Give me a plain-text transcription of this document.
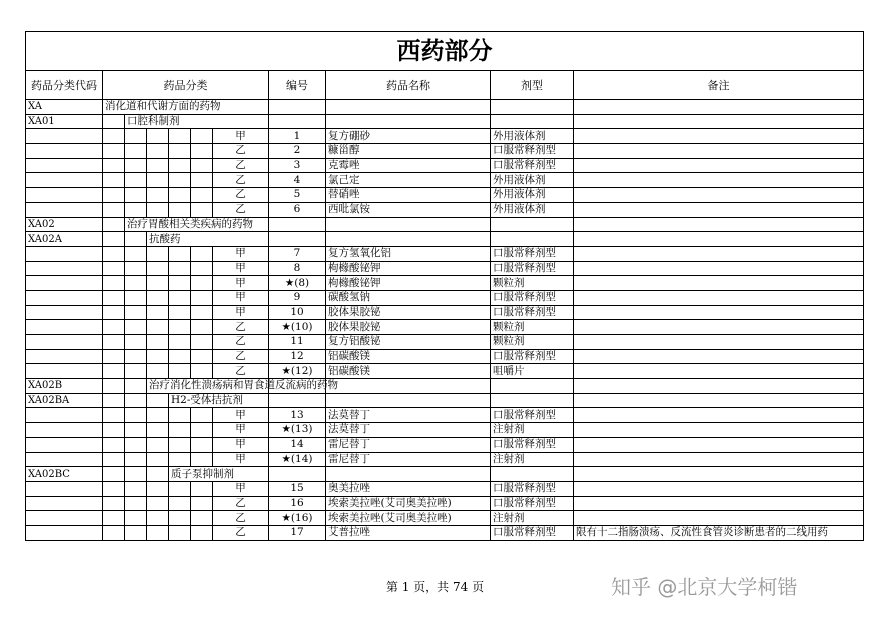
西药部分										
药品分类代码	药品分类						编号	药品名称	剂型	备注
XA	消化道和代谢方面的药物									
XA01		口腔科制剂								
						甲	1	复方硼砂	外用液体剂	
						乙	2	糠甾醇	口服常释剂型	
						乙	3	克霉唑	口服常释剂型	
						乙	4	氯己定	外用液体剂	
						乙	5	替硝唑	外用液体剂	
						乙	6	西吡氯铵	外用液体剂	
XA02		治疗胃酸相关类疾病的药物								
XA02A			抗酸药							
						甲	7	复方氢氧化铝	口服常释剂型	
						甲	8	枸橼酸铋钾	口服常释剂型	
						甲	★(8)	枸橼酸铋钾	颗粒剂	
						甲	9	碳酸氢钠	口服常释剂型	
						甲	10	胶体果胶铋	口服常释剂型	
						乙	★(10)	胶体果胶铋	颗粒剂	
						乙	11	复方铝酸铋	颗粒剂	
						乙	12	铝碳酸镁	口服常释剂型	
						乙	★(12)	铝碳酸镁	咀嚼片	
XA02B			治疗消化性溃疡病和胃食道反流病的药物							
XA02BA				H2-受体拮抗剂						
						甲	13	法莫替丁	口服常释剂型	
						甲	★(13)	法莫替丁	注射剂	
						甲	14	雷尼替丁	口服常释剂型	
						甲	★(14)	雷尼替丁	注射剂	
XA02BC				质子泵抑制剂						
						甲	15	奥美拉唑	口服常释剂型	
						乙	16	埃索美拉唑(艾司奥美拉唑)	口服常释剂型	
						乙	★(16)	埃索美拉唑(艾司奥美拉唑)	注射剂	
						乙	17	艾普拉唑	口服常释剂型	限有十二指肠溃疡、反流性食管炎诊断患者的二线用药
第 1 页，共 74 页	知乎 @北京大学柯锴
